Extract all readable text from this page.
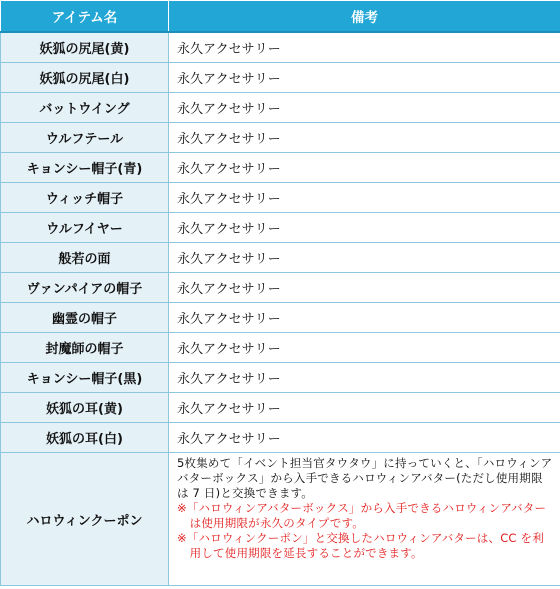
アイテム名	備考
妖狐の尻尾(黄)	永久アクセサリー
妖狐の尻尾(白)	永久アクセサリー
バットウイング	永久アクセサリー
ウルフテール	永久アクセサリー
キョンシー帽子(青)	永久アクセサリー
ウィッチ帽子	永久アクセサリー
ウルフイヤー	永久アクセサリー
般若の面	永久アクセサリー
ヴァンパイアの帽子	永久アクセサリー
幽霊の帽子	永久アクセサリー
封魔師の帽子	永久アクセサリー
キョンシー帽子(黒)	永久アクセサリー
妖狐の耳(黄)	永久アクセサリー
妖狐の耳(白)	永久アクセサリー
ハロウィンクーポン	5枚集めて「イベント担当官タウタウ」に持っていくと、「ハロウィンアバターボックス」から入手できるハロウィンアバター(ただし使用期限は 7 日)と交換できます。
※「ハロウィンアバターボックス」から入手できるハロウィンアバターは使用期限が永久のタイプです。
※「ハロウィンクーポン」と交換したハロウィンアバターは、CC を利用して使用期限を延長することができます。
